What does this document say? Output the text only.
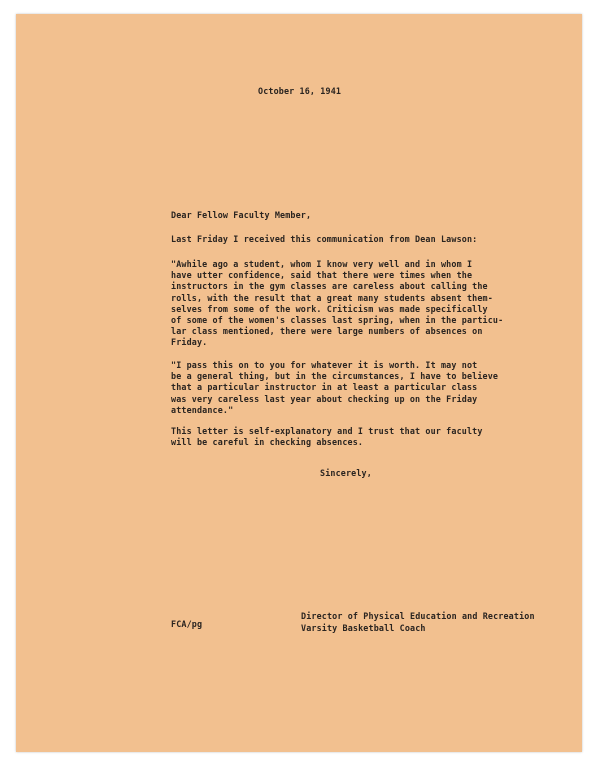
October 16, 1941
Dear Fellow Faculty Member,
Last Friday I received this communication from Dean Lawson:
"Awhile ago a student, whom I know very well and in whom I
have utter confidence, said that there were times when the
instructors in the gym classes are careless about calling the
rolls, with the result that a great many students absent them-
selves from some of the work. Criticism was made specifically
of some of the women's classes last spring, when in the particu-
lar class mentioned, there were large numbers of absences on
Friday.
"I pass this on to you for whatever it is worth. It may not
be a general thing, but in the circumstances, I have to believe
that a particular instructor in at least a particular class
was very careless last year about checking up on the Friday
attendance."
This letter is self-explanatory and I trust that our faculty
will be careful in checking absences.
Sincerely,
FCA/pg
Director of Physical Education and Recreation
Varsity Basketball Coach
